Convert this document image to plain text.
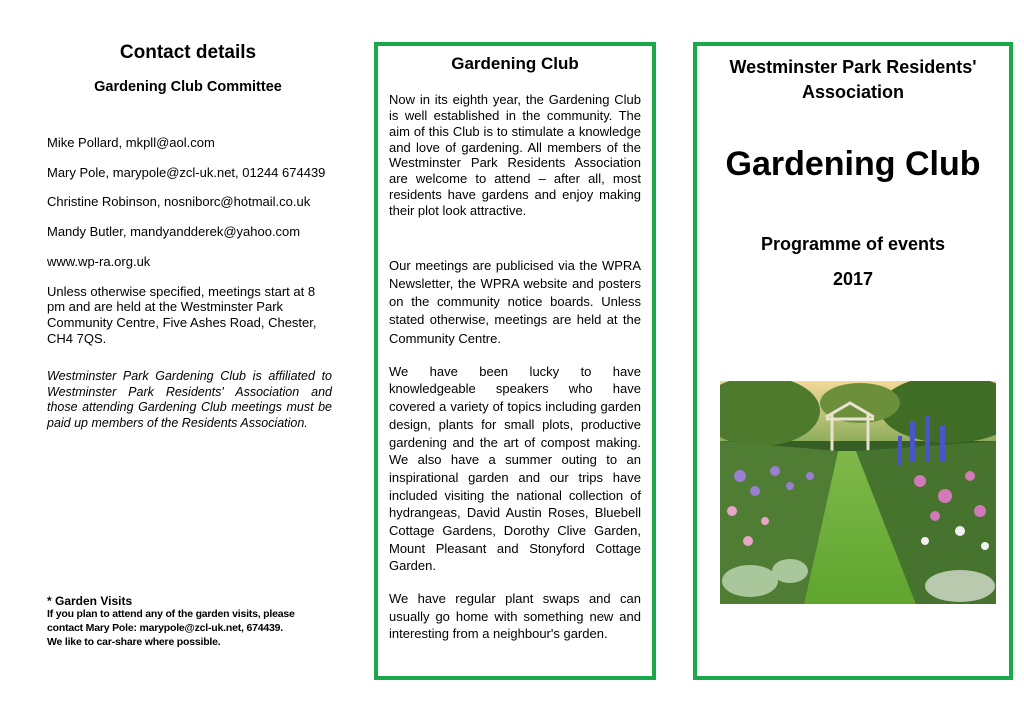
Contact details
Gardening Club Committee
Mike Pollard, mkpll@aol.com
Mary Pole, marypole@zcl-uk.net, 01244 674439
Christine Robinson, nosniborc@hotmail.co.uk
Mandy Butler, mandyandderek@yahoo.com
www.wp-ra.org.uk
Unless otherwise specified, meetings start at 8 pm and are held at the Westminster Park Community Centre, Five Ashes Road, Chester, CH4 7QS.
Westminster Park Gardening Club is affiliated to Westminster Park Residents' Association and those attending Gardening Club meetings must be paid up members of the Residents Association.
* Garden Visits
If you plan to attend any of the garden visits, please
contact Mary Pole: marypole@zcl-uk.net, 674439.
We like to car-share where possible.
Gardening Club

Now in its eighth year, the Gardening Club is well established in the community. The aim of this Club is to stimulate a knowledge and love of gardening. All members of the Westminster Park Residents Association are welcome to attend – after all, most residents have gardens and enjoy making their plot look attractive.

Our meetings are publicised via the WPRA Newsletter, the WPRA website and posters on the community notice boards. Unless stated otherwise, meetings are held at the Community Centre.

We have been lucky to have knowledgeable speakers who have covered a variety of topics including garden design, plants for small plots, productive gardening and the art of compost making. We also have a summer outing to an inspirational garden and our trips have included visiting the national collection of hydrangeas, David Austin Roses, Bluebell Cottage Gardens, Dorothy Clive Garden, Mount Pleasant and Stonyford Cottage Garden.

We have regular plant swaps and can usually go home with something new and interesting from a neighbour's garden.

Westminster Park Residents' Association
Gardening Club
Programme of events
2017
